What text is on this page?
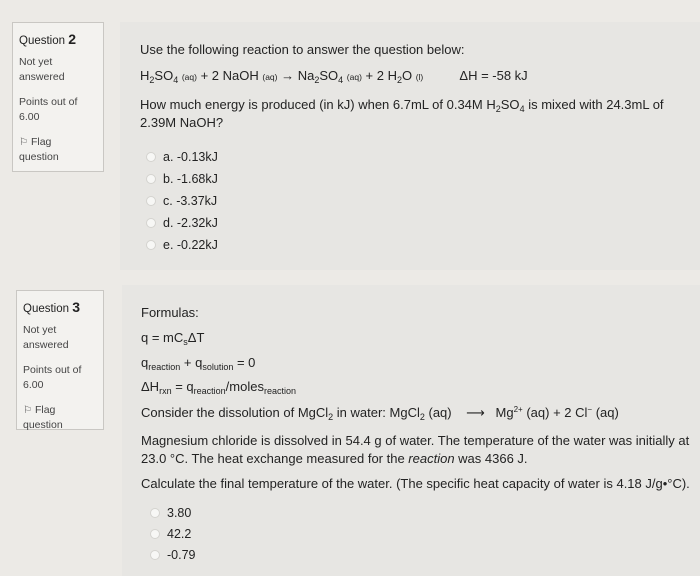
Question 2
Not yet
answered
Points out of
6.00
⚐ Flag
question
Use the following reaction to answer the question below:
$H_2SO_4$ (aq) + 2 NaOH $(aq) \to Na_2SO_4$ (aq) + 2 $H_2O$ (l)          ΔH = -58 kJ
How much energy is produced (in kJ) when 6.7mL of 0.34M $H_2SO_4$ is mixed with 24.3mL of
2.39M NaOH?
a. -0.13kJ
b. -1.68kJ
c. -3.37kJ
d. -2.32kJ
e. -0.22kJ
Question 3
Not yet
answered
Points out of
6.00
⚐ Flag
question
Formulas:
$q = mC_s\Delta T$
$q_{reaction} + q_{solution} = 0$
$\Delta H_{rxn}$ = $q_{reaction}/moles_{reaction}$
Consider the dissolution of MgCl$_2$ in water: MgCl$_2$ (aq)    ⟶   $Mg^{2+}$ (aq) + 2 Cl− (aq)
Magnesium chloride is dissolved in 54.4 g of water. The temperature of the water was initially at
23.0 °C. The heat exchange measured for the reaction was 4366 J.
Calculate the final temperature of the water. (The specific heat capacity of water is 4.18 J/g•°C).
3.80
42.2
-0.79
